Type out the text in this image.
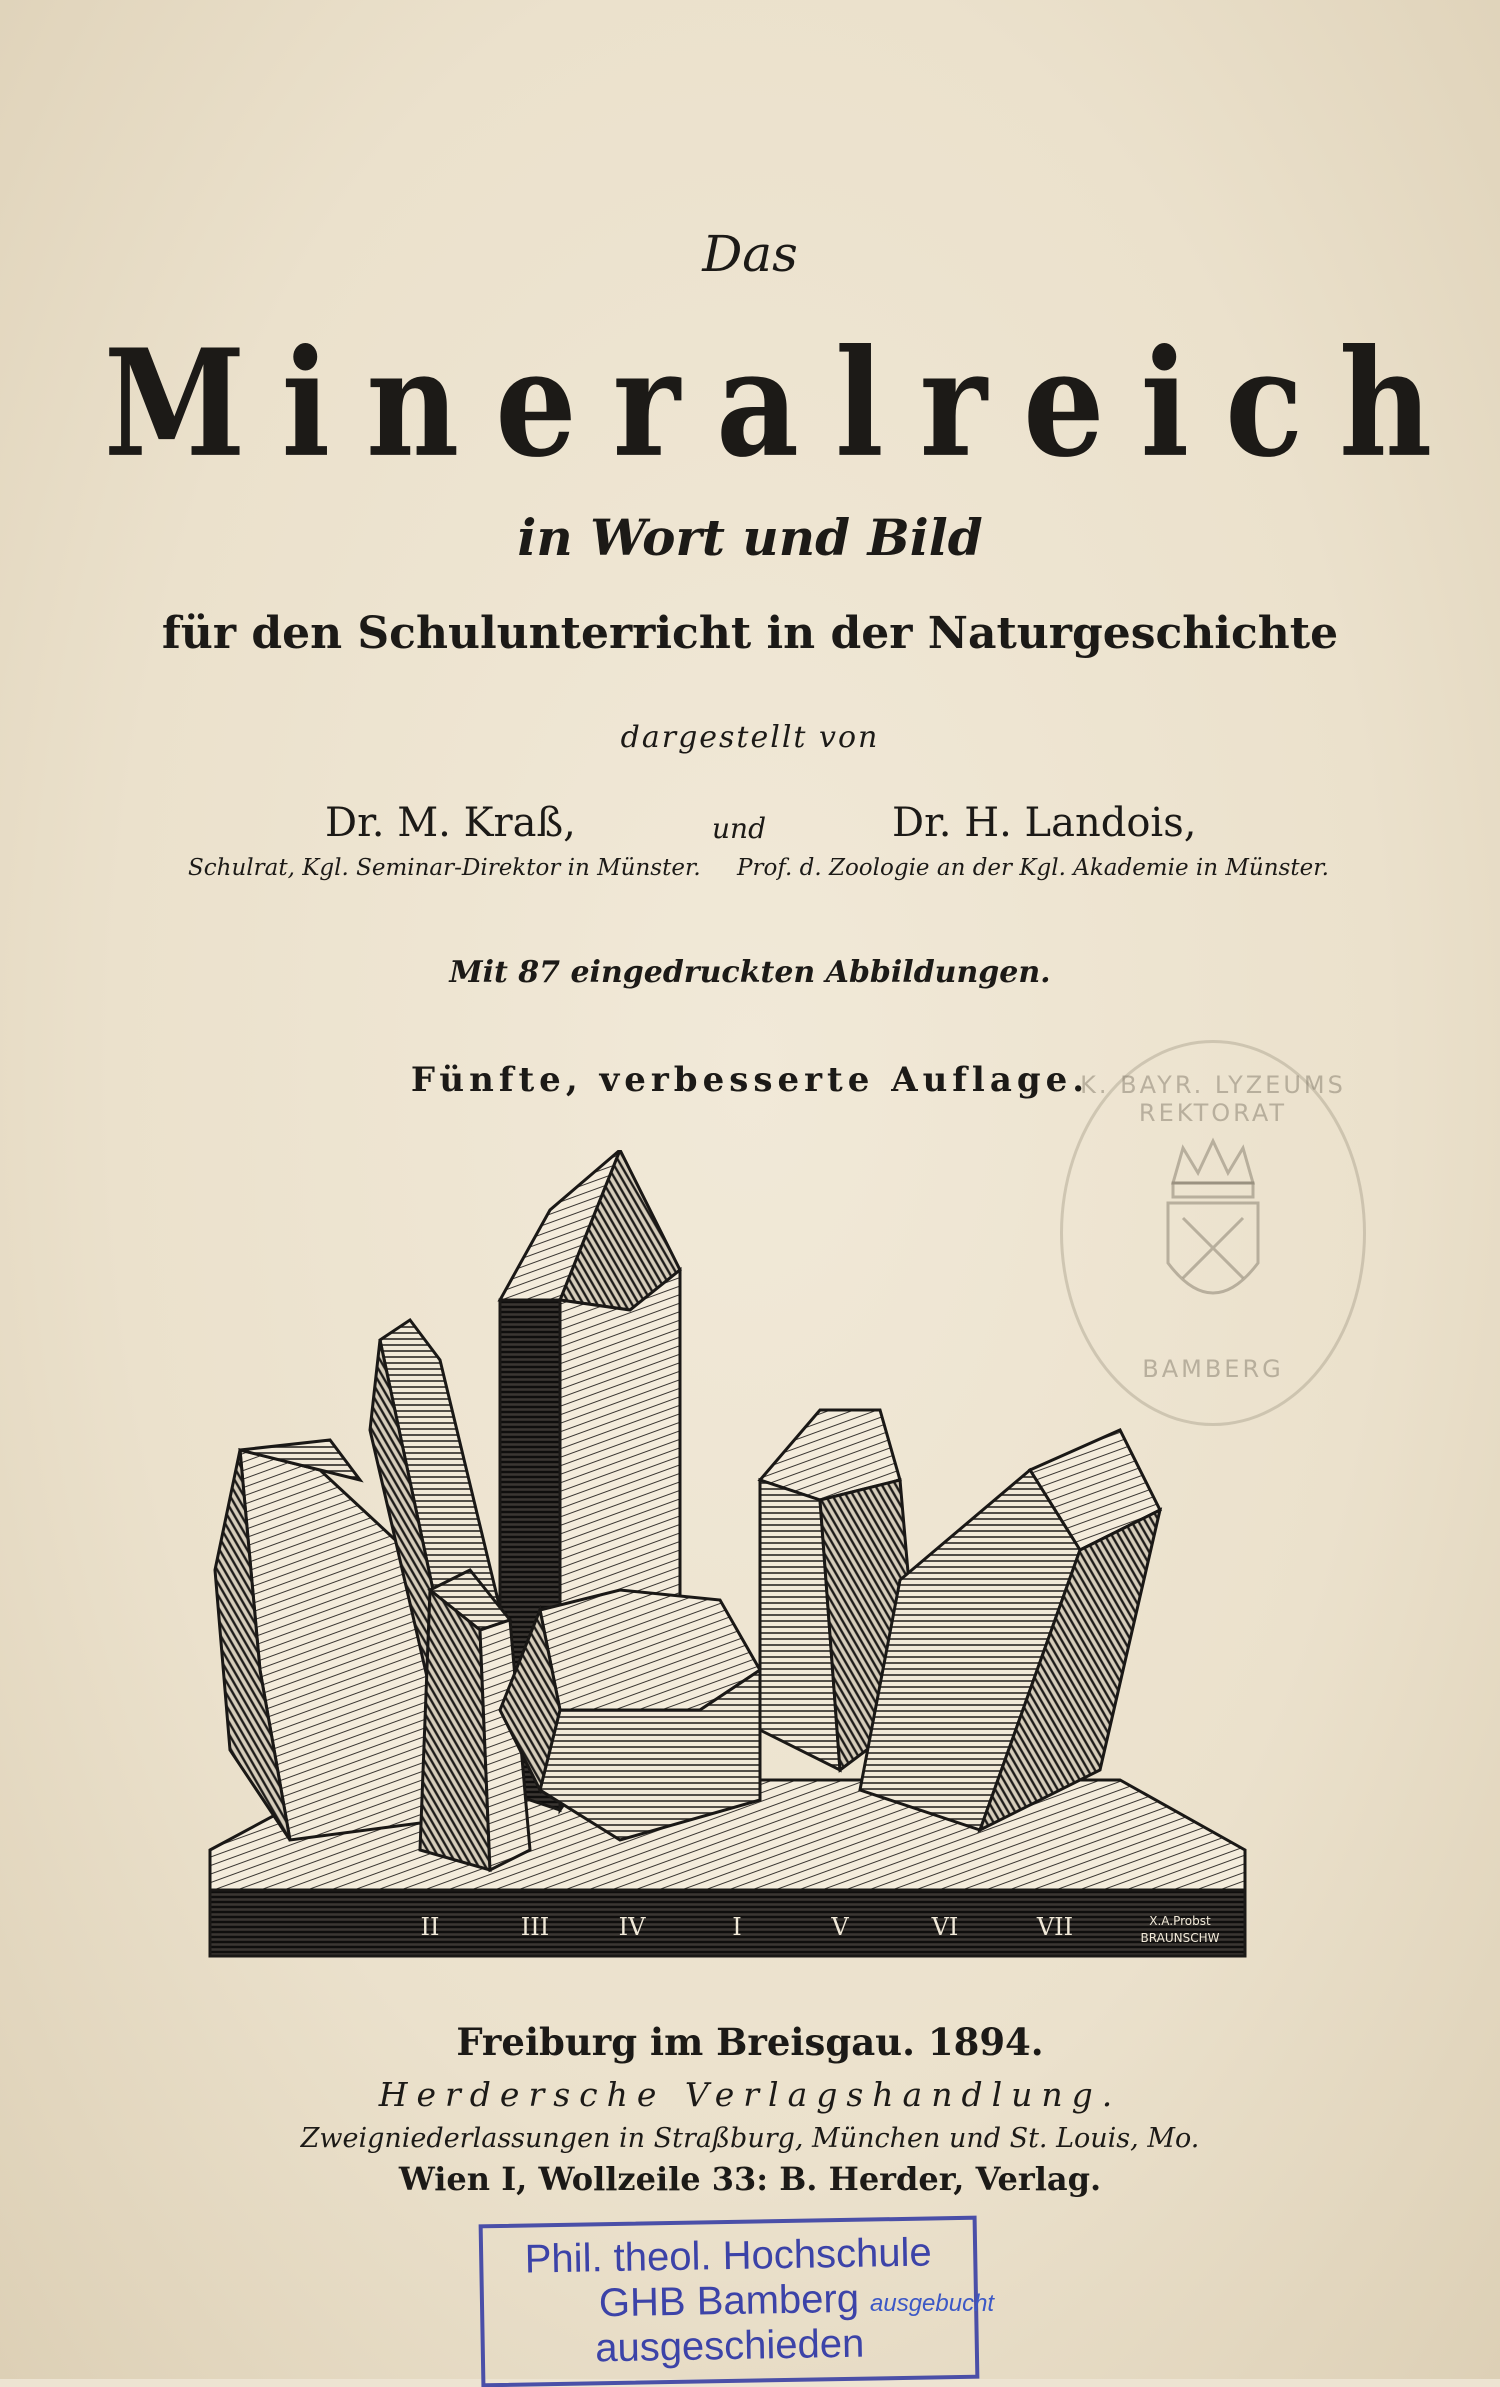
Das
Mineralreich
in Wort und Bild
für den Schulunterricht in der Naturgeschichte
dargestellt von
Dr. M. Kraß,	und	Dr. H. Landois,
Schulrat, Kgl. Seminar-Direktor in Münster. Prof. d. Zoologie an der Kgl. Akademie in Münster.
Mit 87 eingedruckten Abbildungen.
Fünfte, verbesserte Auflage.
K. BAYR. LYZEUMS REKTORAT
BAMBERG
II	III	IV	I	V	VI	VII	X.A.Probst
BRAUNSCHW
Freiburg im Breisgau. 1894.
Herdersche Verlagshandlung.
Zweigniederlassungen in Straßburg, München und St. Louis, Mo.
Wien I, Wollzeile 33: B. Herder, Verlag.
Phil. theol. Hochschule
GHB Bamberg
ausgeschieden
ausgebucht
